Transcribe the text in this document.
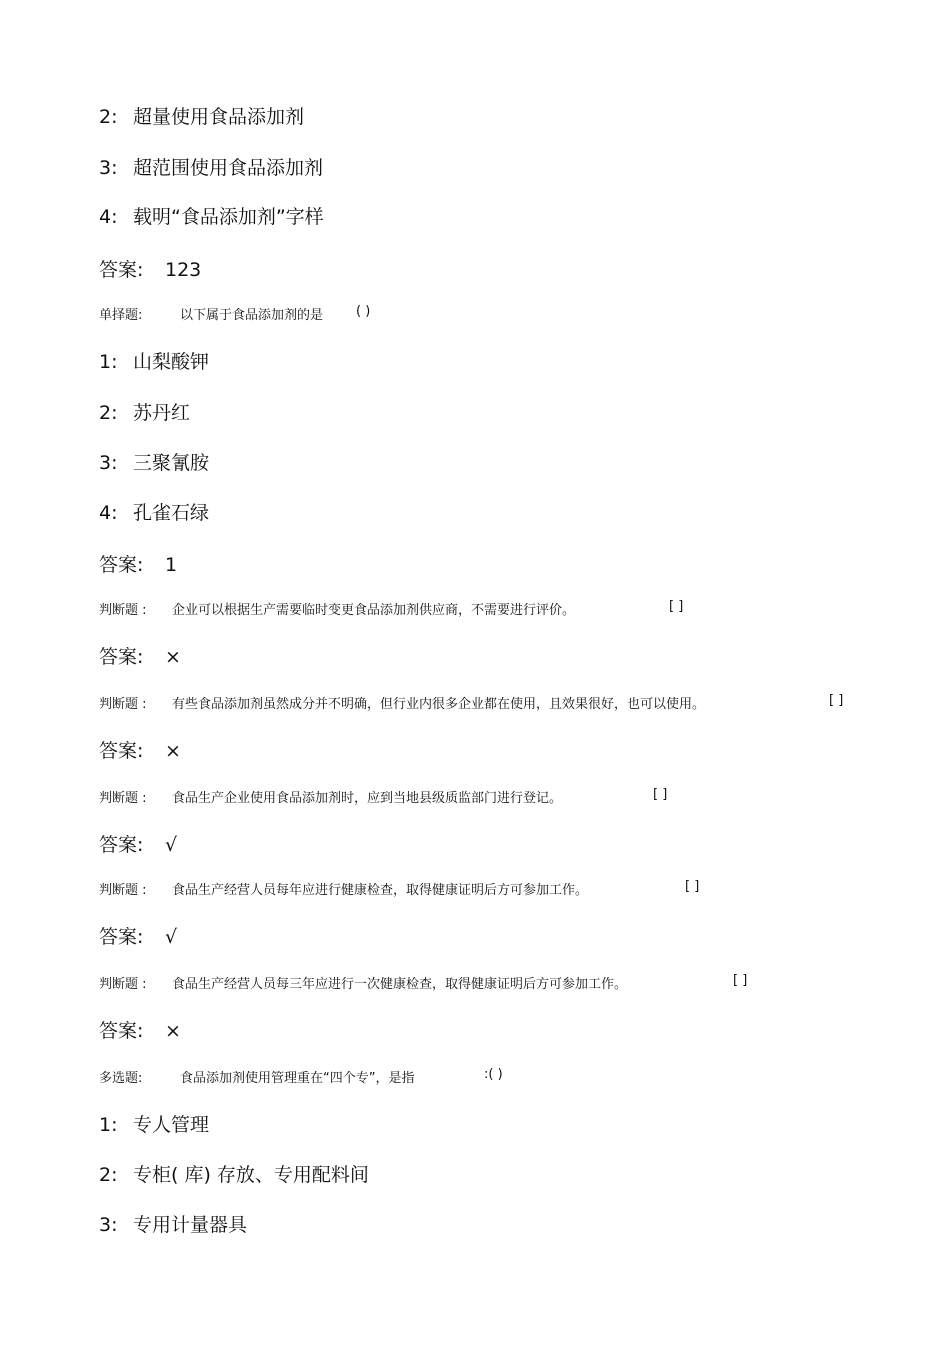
2: 超量使用食品添加剂
3: 超范围使用食品添加剂
4: 载明“食品添加剂”字样
答案: 123
单择题:	以下属于食品添加剂的是	( )
1: 山梨酸钾
2: 苏丹红
3: 三聚氰胺
4: 孔雀石绿
答案: 1
判断题 : 企业可以根据生产需要临时变更食品添加剂供应商，不需要进行评价。	[ ]
答案: ×
判断题 : 有些食品添加剂虽然成分并不明确，但行业内很多企业都在使用，且效果很好，也可以使用。	[ ]
答案: ×
判断题 : 食品生产企业使用食品添加剂时，应到当地县级质监部门进行登记。	[ ]
答案: √
判断题 : 食品生产经营人员每年应进行健康检查，取得健康证明后方可参加工作。	[ ]
答案: √
判断题 : 食品生产经营人员每三年应进行一次健康检查，取得健康证明后方可参加工作。	[ ]
答案: ×
多选题:	食品添加剂使用管理重在“四个专”，是指	:( )
1: 专人管理
2: 专柜( 库) 存放、专用配料间
3: 专用计量器具
